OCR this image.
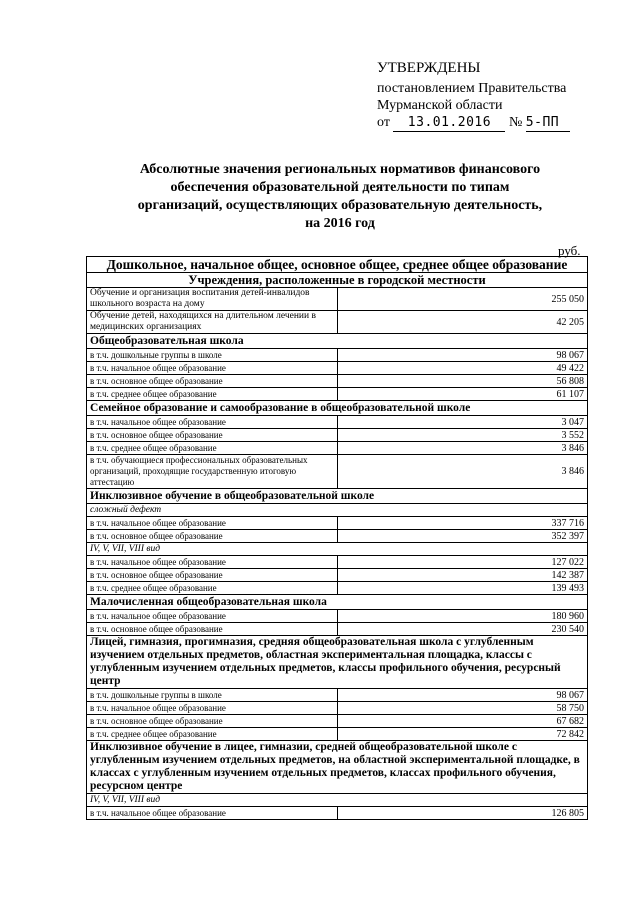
УТВЕРЖДЕНЫ
постановлением Правительства
Мурманской области
от 13.01.2016 № 5-ПП
Абсолютные значения региональных нормативов финансового
обеспечения образовательной деятельности по типам
организаций, осуществляющих образовательную деятельность,
на 2016 год
руб.
Дошкольное, начальное общее, основное общее, среднее общее образование	
Учреждения, расположенные в городской местности	
Обучение и организация воспитания детей-инвалидов школьного возраста на дому	255 050
Обучение детей, находящихся на длительном лечении в медицинских организациях	42 205
Общеобразовательная школа	
в т.ч. дошкольные группы в школе	98 067
в т.ч. начальное общее образование	49 422
в т.ч. основное общее образование	56 808
в т.ч. среднее общее образование	61 107
Семейное образование и самообразование в общеобразовательной школе	
в т.ч. начальное общее образование	3 047
в т.ч. основное общее образование	3 552
в т.ч. среднее общее образование	3 846
в т.ч. обучающиеся профессиональных образовательных организаций, проходящие государственную итоговую аттестацию	3 846
Инклюзивное обучение в общеобразовательной школе	
сложный дефект	
в т.ч. начальное общее образование	337 716
в т.ч. основное общее образование	352 397
IV, V, VII, VIII вид	
в т.ч. начальное общее образование	127 022
в т.ч. основное общее образование	142 387
в т.ч. среднее общее образование	139 493
Малочисленная общеобразовательная школа	
в т.ч. начальное общее образование	180 960
в т.ч. основное общее образование	230 540
Лицей, гимназия, прогимназия, средняя общеобразовательная школа с углубленным изучением отдельных предметов, областная экспериментальная площадка, классы с углубленным изучением отдельных предметов, классы профильного обучения, ресурсный центр	
в т.ч. дошкольные группы в школе	98 067
в т.ч. начальное общее образование	58 750
в т.ч. основное общее образование	67 682
в т.ч. среднее общее образование	72 842
Инклюзивное обучение в лицее, гимназии, средней общеобразовательной школе с углубленным изучением отдельных предметов, на областной экспериментальной площадке, в классах с углубленным изучением отдельных предметов, классах профильного обучения, ресурсном центре	
IV, V, VII, VIII вид	
в т.ч. начальное общее образование	126 805
